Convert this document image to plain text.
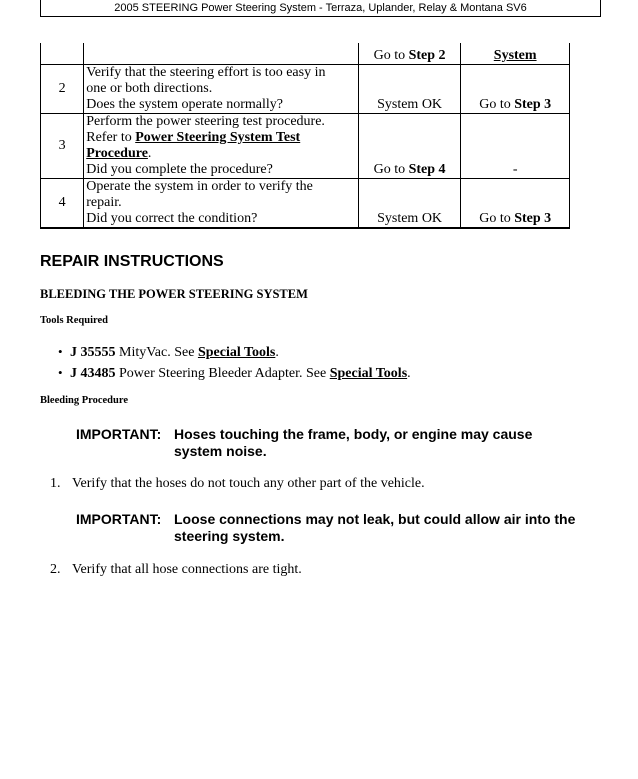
2005 STEERING Power Steering System - Terraza, Uplander, Relay & Montana SV6
		Go to Step 2	System
2	Verify that the steering effort is too easy in
one or both directions.
Does the system operate normally?	System OK	Go to Step 3
3	Perform the power steering test procedure.
Refer to Power Steering System Test
Procedure.
Did you complete the procedure?	Go to Step 4	-
4	Operate the system in order to verify the
repair.
Did you correct the condition?	System OK	Go to Step 3
REPAIR INSTRUCTIONS
BLEEDING THE POWER STEERING SYSTEM
Tools Required
• J 35555 MityVac. See Special Tools.
• J 43485 Power Steering Bleeder Adapter. See Special Tools.
Bleeding Procedure
IMPORTANT: Hoses touching the frame, body, or engine may cause system noise.
1. Verify that the hoses do not touch any other part of the vehicle.
IMPORTANT: Loose connections may not leak, but could allow air into the steering system.
2. Verify that all hose connections are tight.
